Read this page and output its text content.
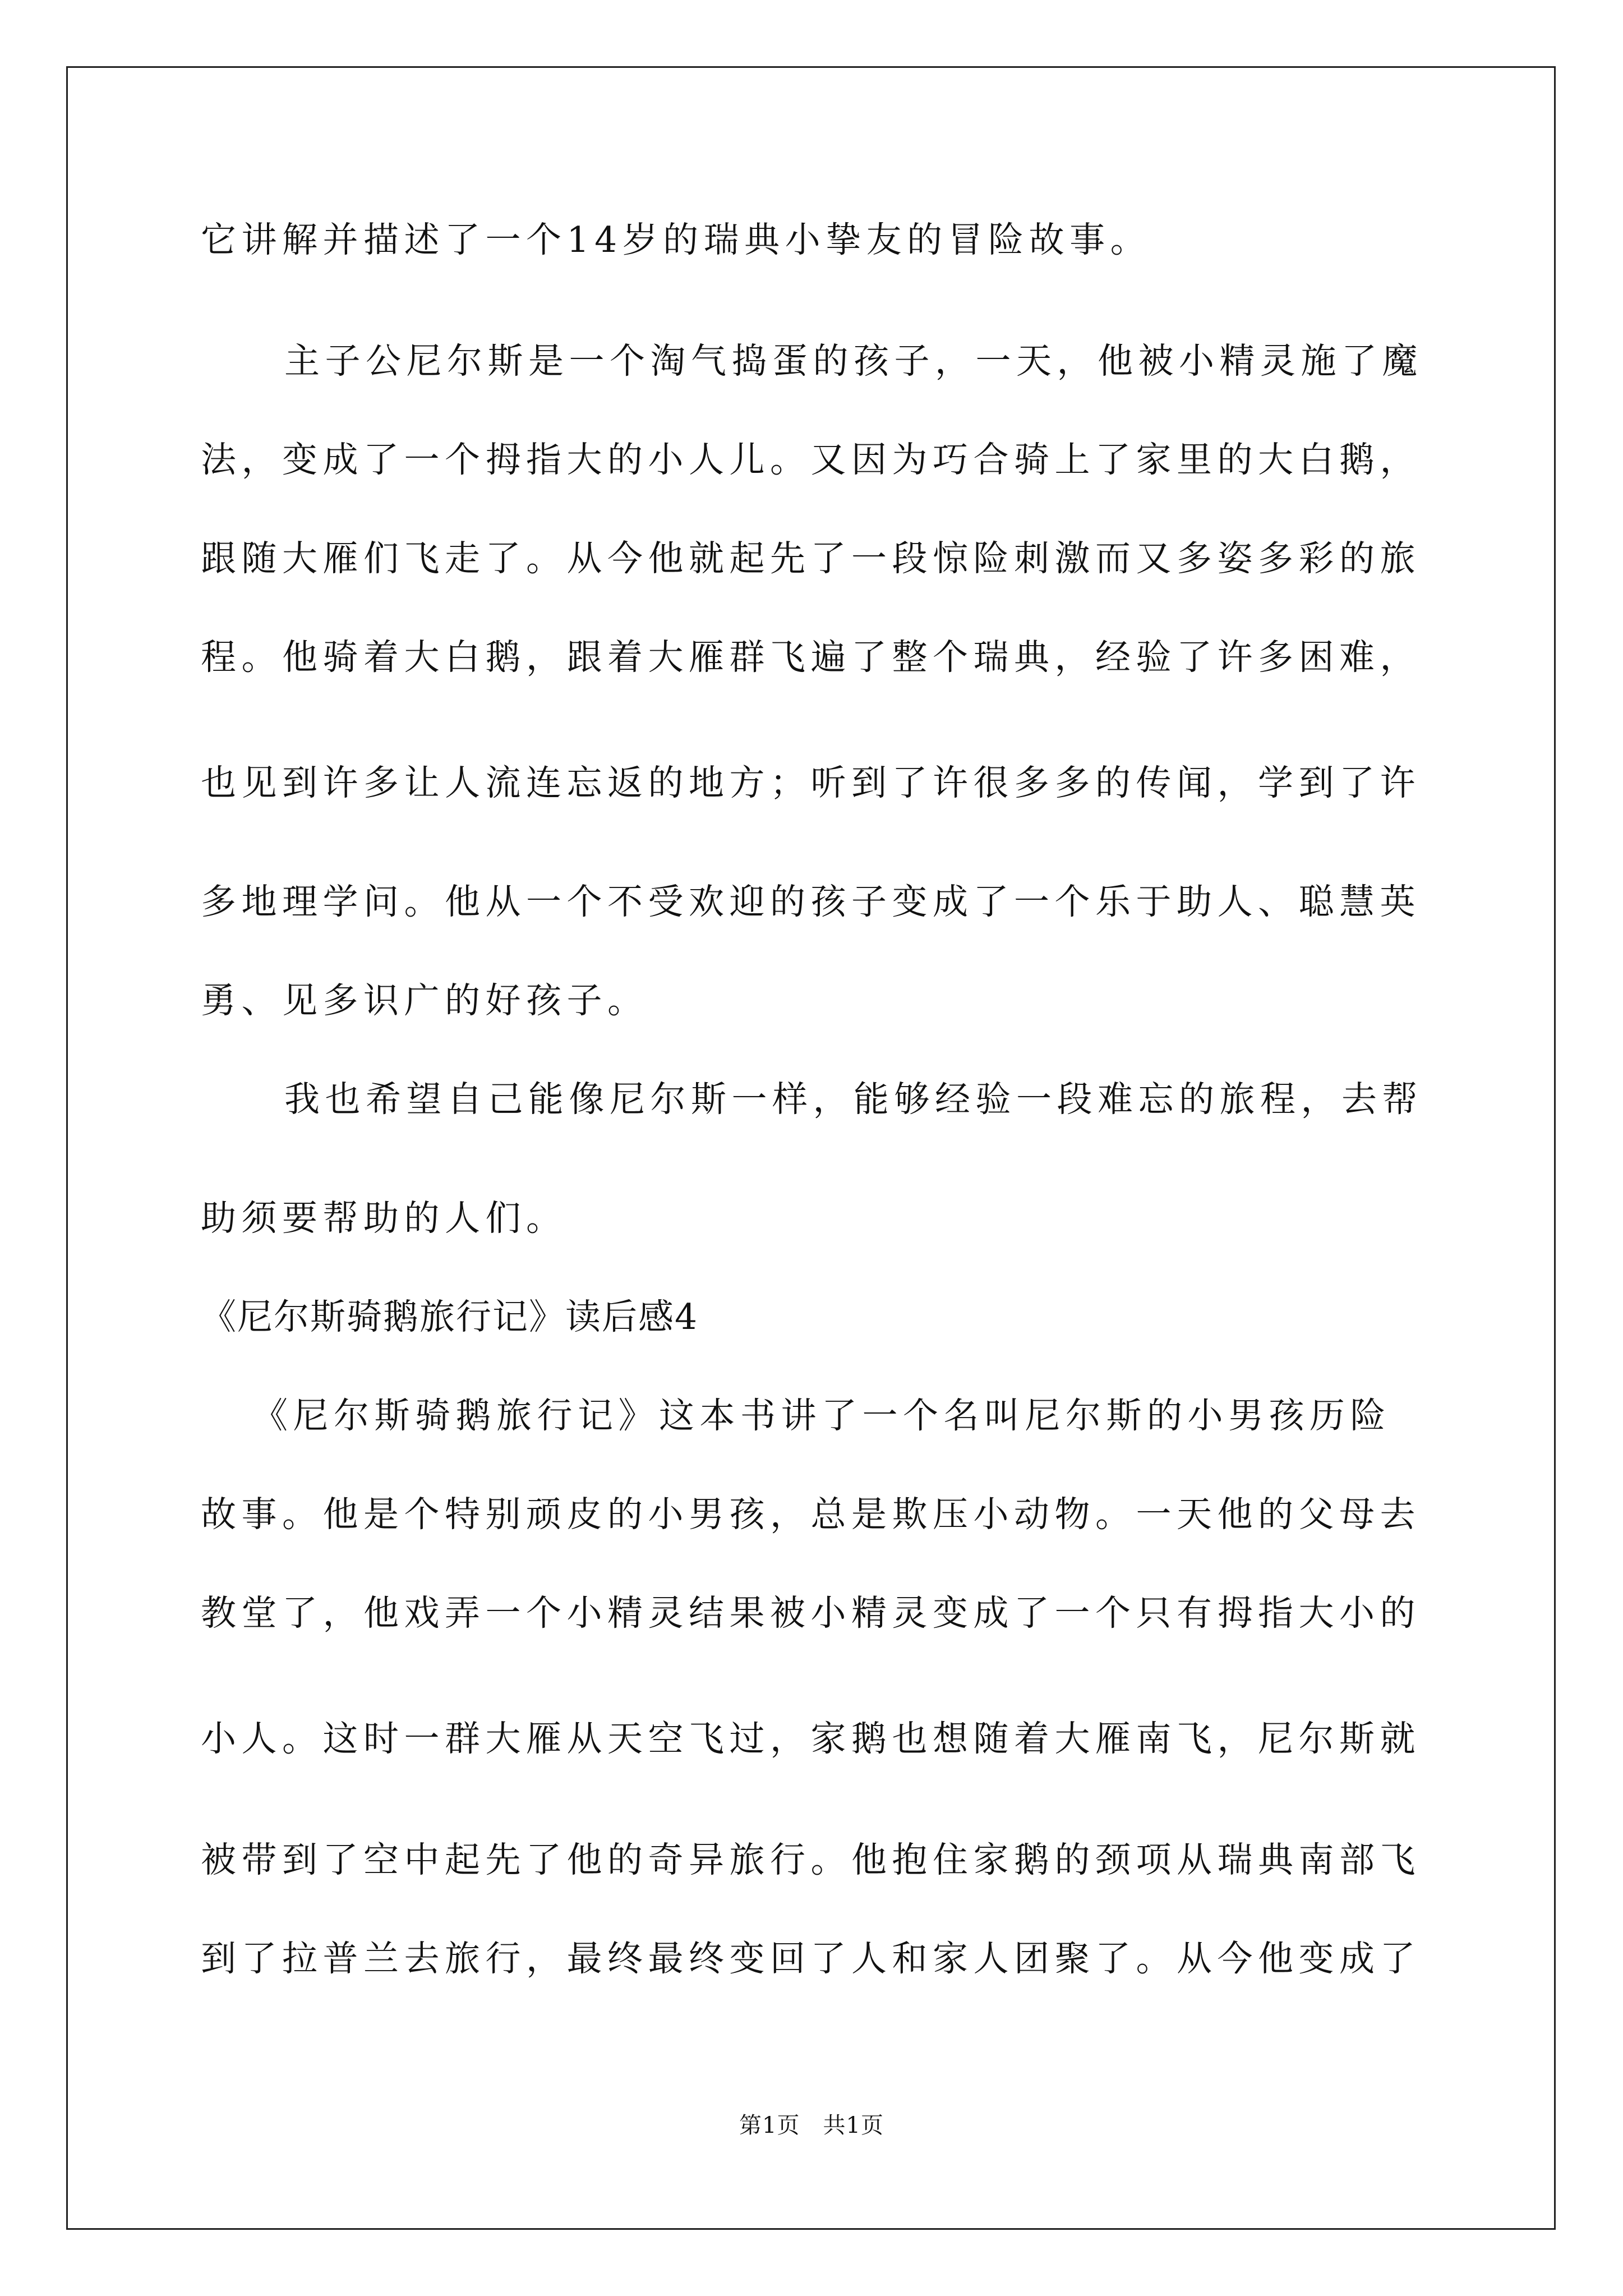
它讲解并描述了一个14岁的瑞典小挚友的冒险故事。
主子公尼尔斯是一个淘气捣蛋的孩子，一天，他被小精灵施了魔
法，变成了一个拇指大的小人儿。又因为巧合骑上了家里的大白鹅，
跟随大雁们飞走了。从今他就起先了一段惊险刺激而又多姿多彩的旅
程。他骑着大白鹅，跟着大雁群飞遍了整个瑞典，经验了许多困难，
也见到许多让人流连忘返的地方；听到了许很多多的传闻，学到了许
多地理学问。他从一个不受欢迎的孩子变成了一个乐于助人、聪慧英
勇、见多识广的好孩子。
我也希望自己能像尼尔斯一样，能够经验一段难忘的旅程，去帮
助须要帮助的人们。
《尼尔斯骑鹅旅行记》读后感4
《尼尔斯骑鹅旅行记》这本书讲了一个名叫尼尔斯的小男孩历险
故事。他是个特别顽皮的小男孩，总是欺压小动物。一天他的父母去
教堂了，他戏弄一个小精灵结果被小精灵变成了一个只有拇指大小的
小人。这时一群大雁从天空飞过，家鹅也想随着大雁南飞，尼尔斯就
被带到了空中起先了他的奇异旅行。他抱住家鹅的颈项从瑞典南部飞
到了拉普兰去旅行，最终最终变回了人和家人团聚了。从今他变成了
第1页　共1页
